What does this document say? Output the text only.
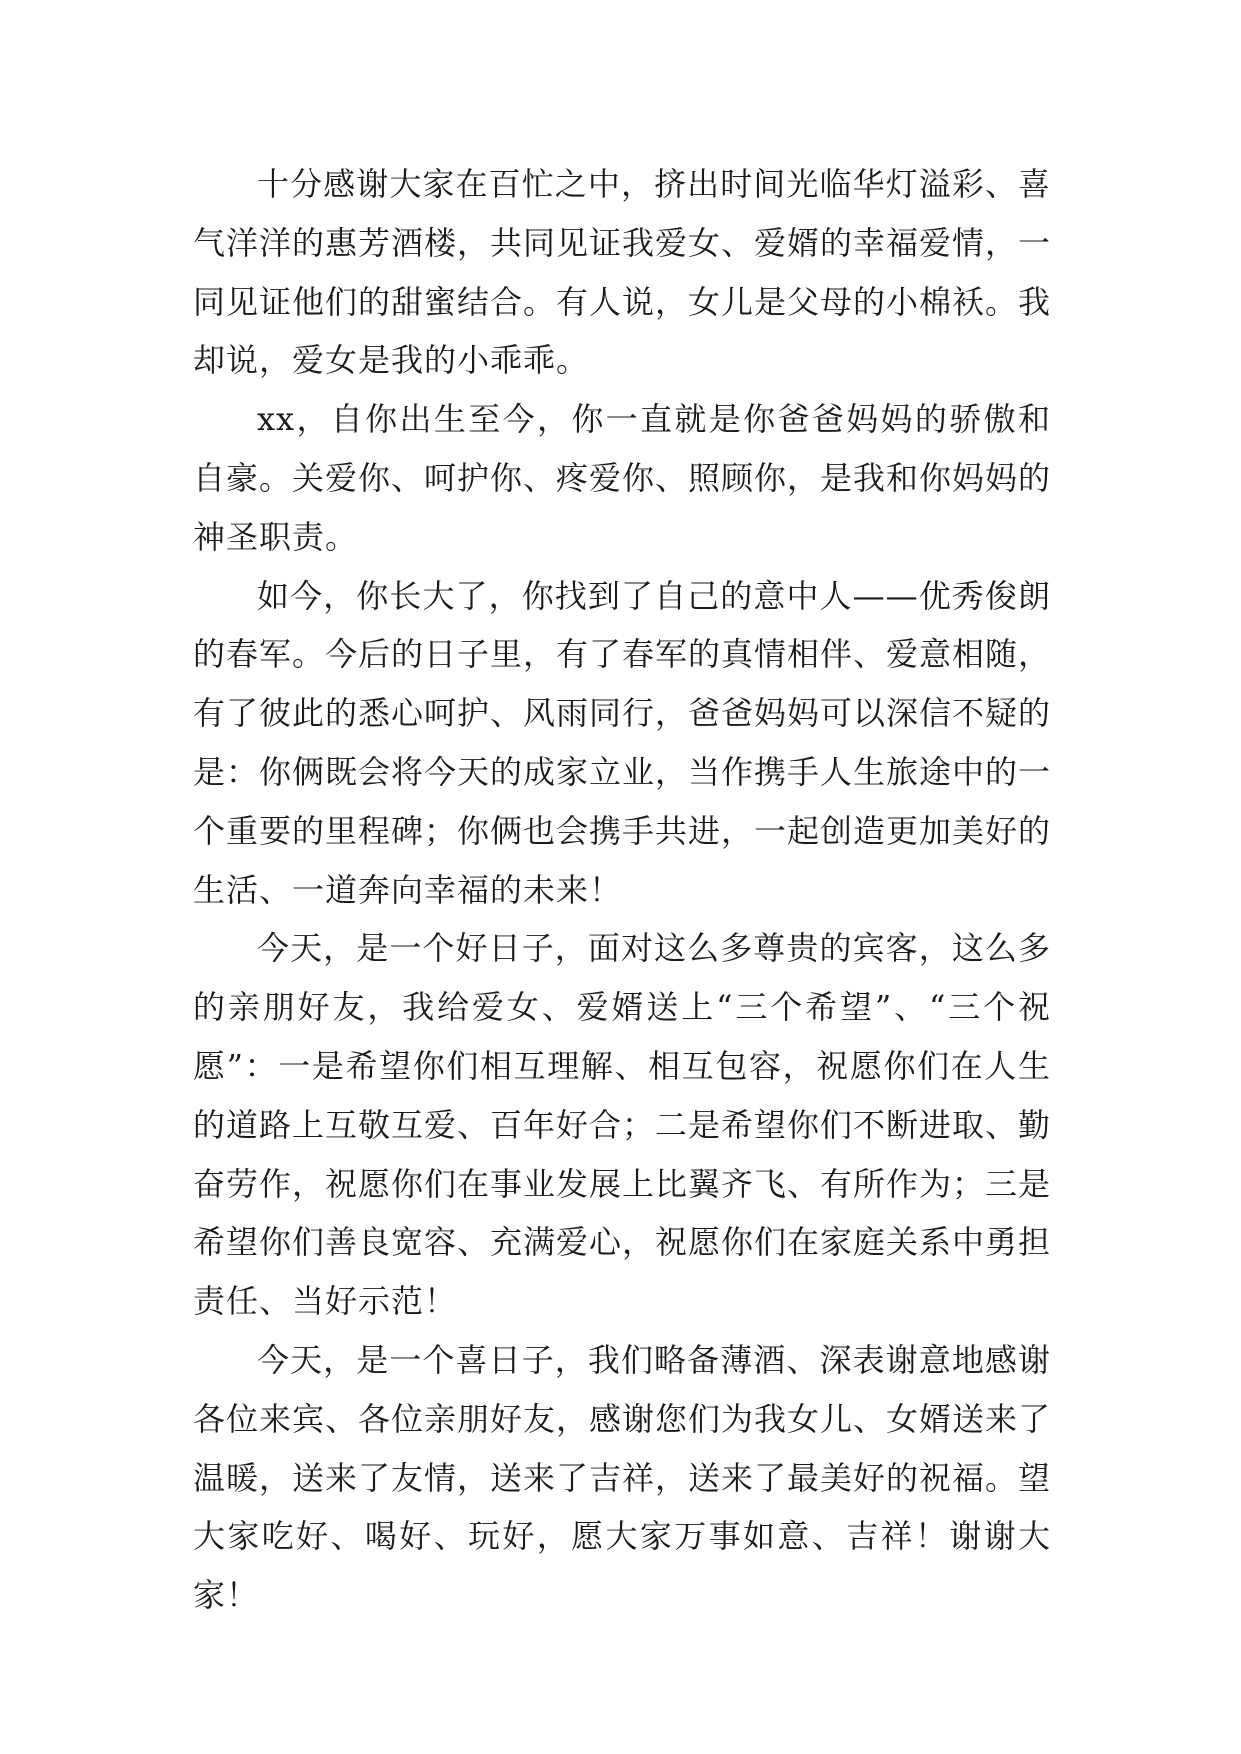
十分感谢大家在百忙之中，挤出时间光临华灯溢彩、喜气洋洋的惠芳酒楼，共同见证我爱女、爱婿的幸福爱情，一同见证他们的甜蜜结合。有人说，女儿是父母的小棉袄。我却说，爱女是我的小乖乖。

xx，自你出生至今，你一直就是你爸爸妈妈的骄傲和自豪。关爱你、呵护你、疼爱你、照顾你，是我和你妈妈的神圣职责。

如今，你长大了，你找到了自己的意中人——优秀俊朗的春军。今后的日子里，有了春军的真情相伴、爱意相随，有了彼此的悉心呵护、风雨同行，爸爸妈妈可以深信不疑的是：你俩既会将今天的成家立业，当作携手人生旅途中的一个重要的里程碑；你俩也会携手共进，一起创造更加美好的生活、一道奔向幸福的未来！

今天，是一个好日子，面对这么多尊贵的宾客，这么多的亲朋好友，我给爱女、爱婿送上“三个希望”、“三个祝愿”：一是希望你们相互理解、相互包容，祝愿你们在人生的道路上互敬互爱、百年好合；二是希望你们不断进取、勤奋劳作，祝愿你们在事业发展上比翼齐飞、有所作为；三是希望你们善良宽容、充满爱心，祝愿你们在家庭关系中勇担责任、当好示范！

今天，是一个喜日子，我们略备薄酒、深表谢意地感谢各位来宾、各位亲朋好友，感谢您们为我女儿、女婿送来了温暖，送来了友情，送来了吉祥，送来了最美好的祝福。望大家吃好、喝好、玩好，愿大家万事如意、吉祥！谢谢大家！
